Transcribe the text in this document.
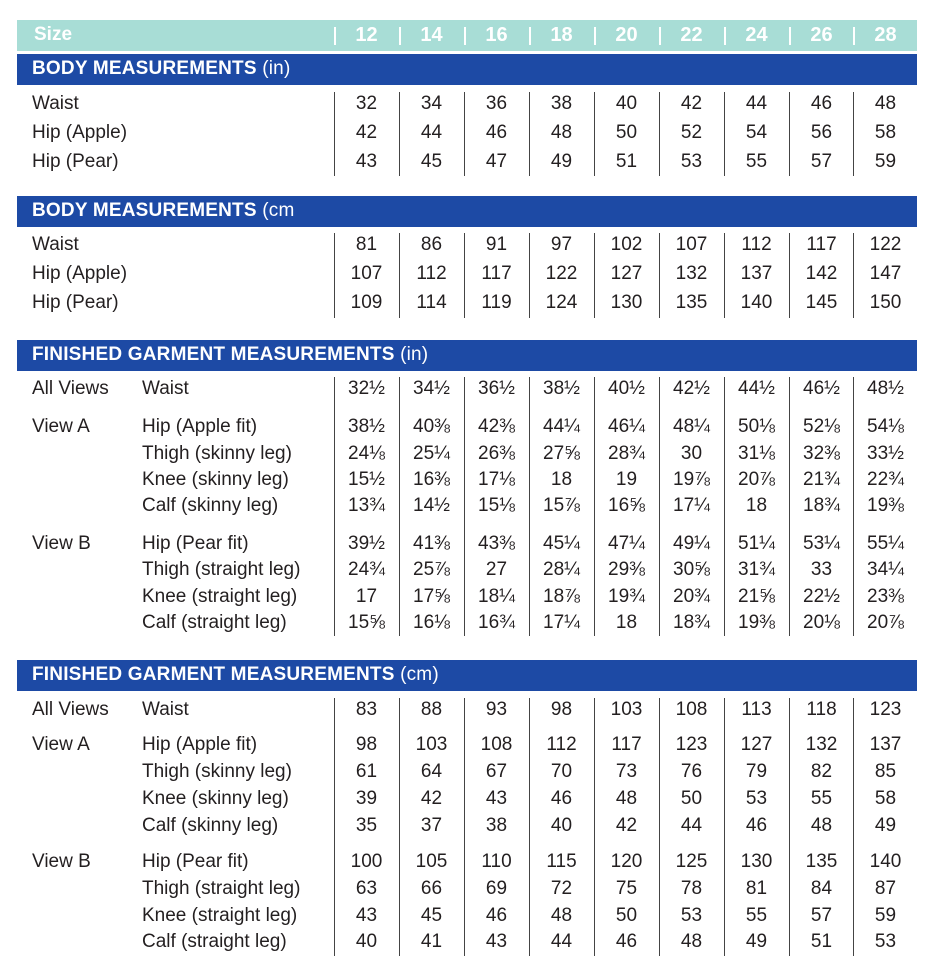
Size	12	14	16	18	20	22	24	26	28
BODY MEASUREMENTS (in)
Waist	32	34	36	38	40	42	44	46	48
Hip (Apple)	42	44	46	48	50	52	54	56	58
Hip (Pear)	43	45	47	49	51	53	55	57	59
BODY MEASUREMENTS (cm
Waist	81	86	91	97	102	107	112	117	122
Hip (Apple)	107	112	117	122	127	132	137	142	147
Hip (Pear)	109	114	119	124	130	135	140	145	150
FINISHED GARMENT MEASUREMENTS (in)
All Views Waist	32½	34½	36½	38½	40½	42½	44½	46½	48½
View A	Hip (Apple fit)	38½	40⅜	42⅜	44¼	46¼	48¼	50⅛	52⅛	54⅛
Thigh (skinny leg)	24⅛	25¼	26⅜	27⅝	28¾	30	31⅛	32⅜	33½
Knee (skinny leg)	15½	16⅜	17⅛	18	19	19⅞	20⅞	21¾	22¾
Calf (skinny leg)	13¾	14½	15⅛	15⅞	16⅝	17¼	18	18¾	19⅜
View B	Hip (Pear fit)	39½	41⅜	43⅜	45¼	47¼	49¼	51¼	53¼	55¼
Thigh (straight leg)	24¾	25⅞	27	28¼	29⅜	30⅝	31¾	33	34¼
Knee (straight leg)	17	17⅝	18¼	18⅞	19¾	20¾	21⅝	22½	23⅜
Calf (straight leg)	15⅝	16⅛	16¾	17¼	18	18¾	19⅜	20⅛	20⅞
FINISHED GARMENT MEASUREMENTS (cm)
All Views Waist	83	88	93	98	103	108	113	118	123
View A	Hip (Apple fit)	98	103	108	112	117	123	127	132	137
Thigh (skinny leg)	61	64	67	70	73	76	79	82	85
Knee (skinny leg)	39	42	43	46	48	50	53	55	58
Calf (skinny leg)	35	37	38	40	42	44	46	48	49
View B	Hip (Pear fit)	100	105	110	115	120	125	130	135	140
Thigh (straight leg)	63	66	69	72	75	78	81	84	87
Knee (straight leg)	43	45	46	48	50	53	55	57	59
Calf (straight leg)	40	41	43	44	46	48	49	51	53
